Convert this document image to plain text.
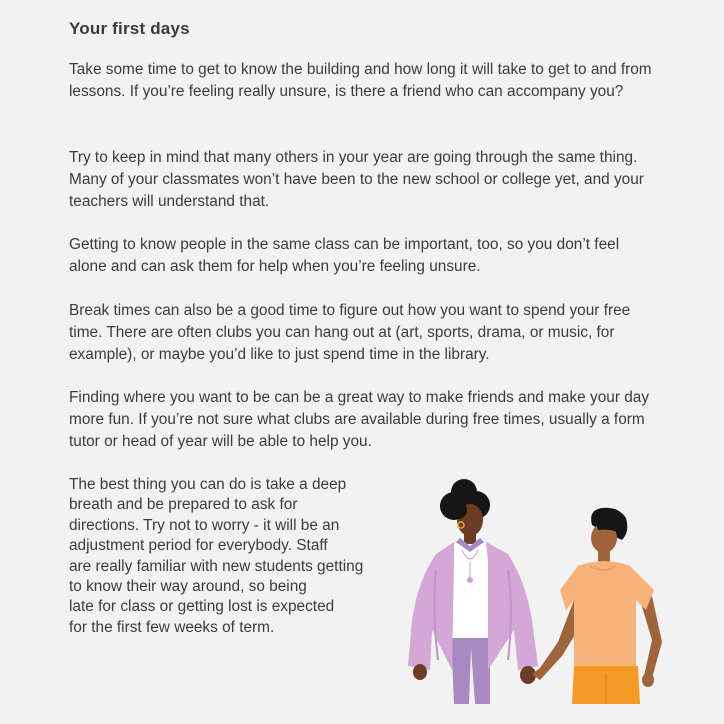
Your first days

Take some time to get to know the building and how long it will take to get to and from lessons. If you’re feeling really unsure, is there a friend who can accompany you?

Try to keep in mind that many others in your year are going through the same thing. Many of your classmates won’t have been to the new school or college yet, and your teachers will understand that.

Getting to know people in the same class can be important, too, so you don’t feel alone and can ask them for help when you’re feeling unsure.

Break times can also be a good time to figure out how you want to spend your free time. There are often clubs you can hang out at (art, sports, drama, or music, for example), or maybe you’d like to just spend time in the library.

Finding where you want to be can be a great way to make friends and make your day more fun. If you’re not sure what clubs are available during free times, usually a form tutor or head of year will be able to help you.

The best thing you can do is take a deep
breath and be prepared to ask for
directions. Try not to worry - it will be an
adjustment period for everybody. Staff
are really familiar with new students getting
to know their way around, so being
late for class or getting lost is expected
for the first few weeks of term.
